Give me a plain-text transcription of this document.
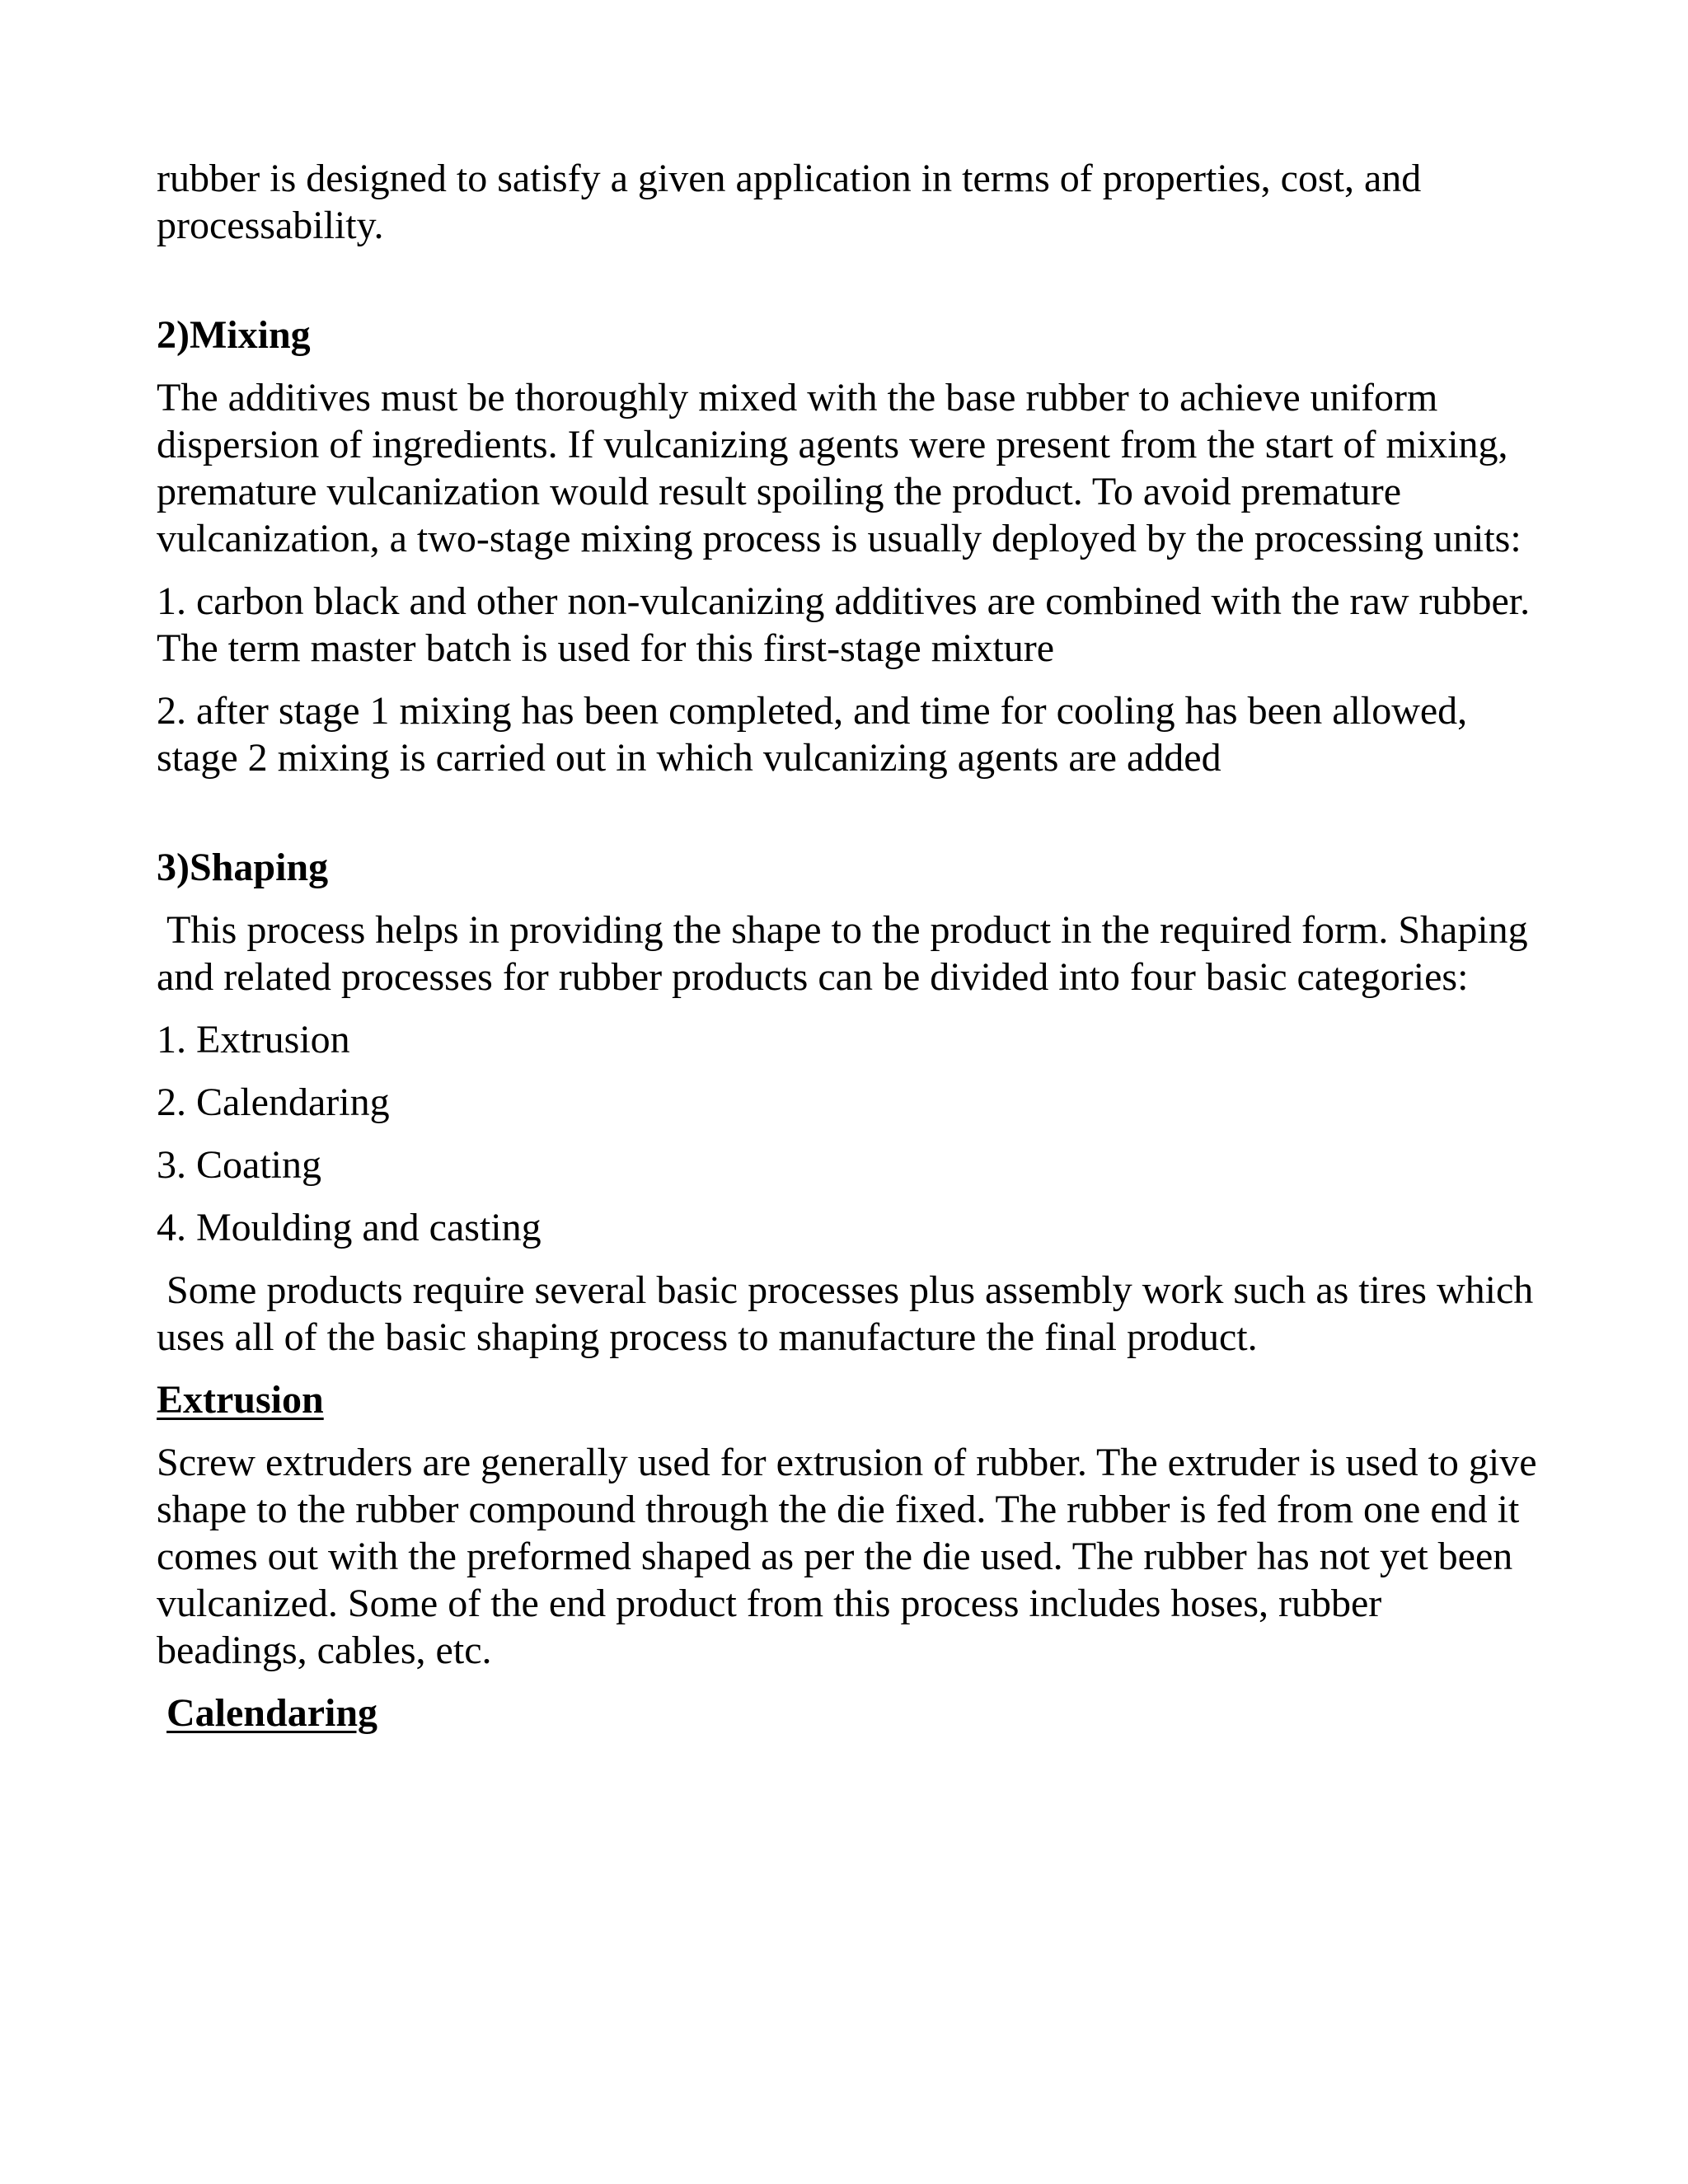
rubber is designed to satisfy a given application in terms of properties, cost, and processability.

2)Mixing

The additives must be thoroughly mixed with the base rubber to achieve uniform dispersion of ingredients. If vulcanizing agents were present from the start of mixing, premature vulcanization would result spoiling the product. To avoid premature vulcanization, a two-stage mixing process is usually deployed by the processing units:

1. carbon black and other non-vulcanizing additives are combined with the raw rubber. The term master batch is used for this first-stage mixture

2. after stage 1 mixing has been completed, and time for cooling has been allowed, stage 2 mixing is carried out in which vulcanizing agents are added

3)Shaping

This process helps in providing the shape to the product in the required form. Shaping and related processes for rubber products can be divided into four basic categories:

1. Extrusion

2. Calendaring

3. Coating

4. Moulding and casting

Some products require several basic processes plus assembly work such as tires which uses all of the basic shaping process to manufacture the final product.

Extrusion

Screw extruders are generally used for extrusion of rubber. The extruder is used to give shape to the rubber compound through the die fixed. The rubber is fed from one end it comes out with the preformed shaped as per the die used. The rubber has not yet been vulcanized. Some of the end product from this process includes hoses, rubber beadings, cables, etc.

Calendaring
